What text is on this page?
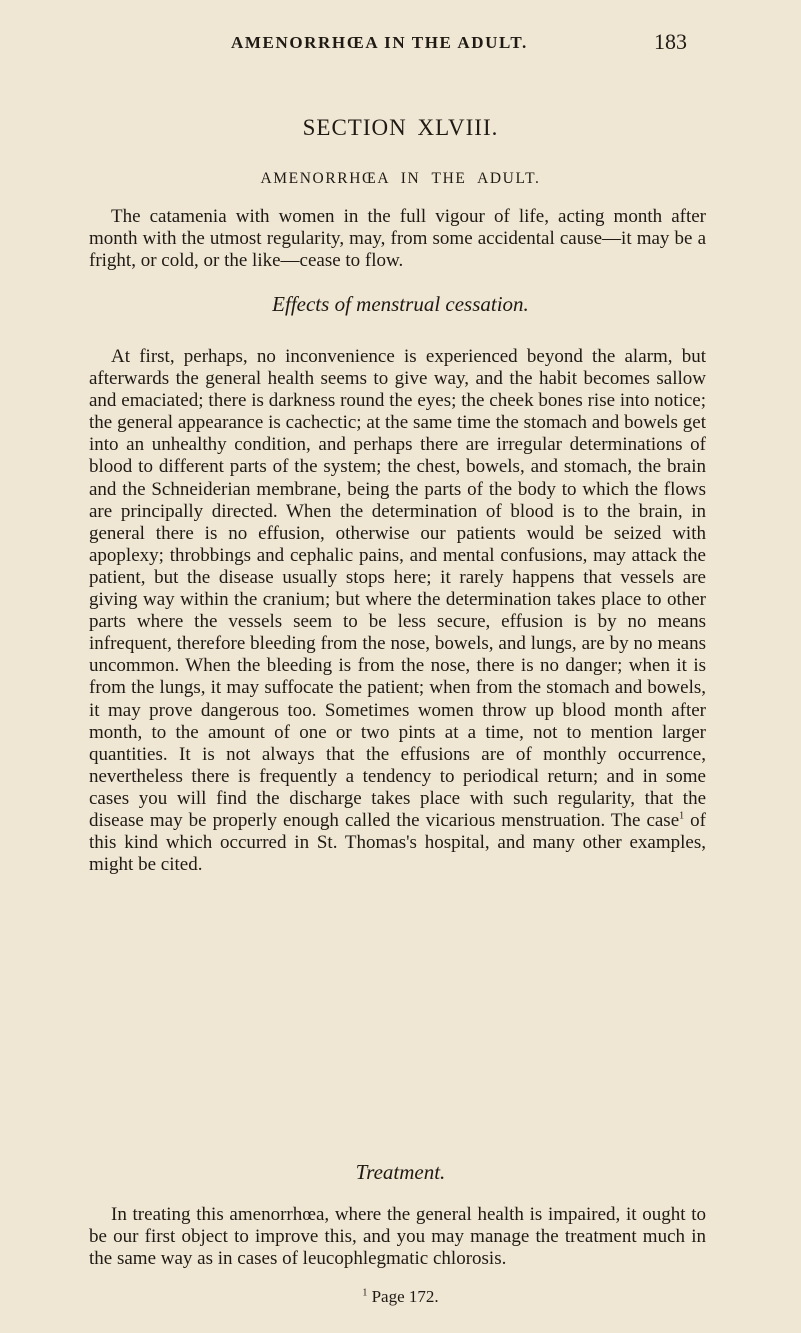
AMENORRHŒA IN THE ADULT.	183
SECTION XLVIII.
AMENORRHŒA IN THE ADULT.

The catamenia with women in the full vigour of life, acting month after month with the utmost regularity, may, from some accidental cause—it may be a fright, or cold, or the like—cease to flow.

Effects of menstrual cessation.

At first, perhaps, no inconvenience is experienced beyond the alarm, but afterwards the general health seems to give way, and the habit becomes sallow and emaciated; there is darkness round the eyes; the cheek bones rise into notice; the general appearance is cachectic; at the same time the stomach and bowels get into an unhealthy condition, and perhaps there are irregular determinations of blood to different parts of the system; the chest, bowels, and stomach, the brain and the Schneiderian membrane, being the parts of the body to which the flows are principally directed. When the determination of blood is to the brain, in general there is no effusion, otherwise our patients would be seized with apoplexy; throbbings and cephalic pains, and mental confusions, may attack the patient, but the disease usually stops here; it rarely happens that vessels are giving way within the cranium; but where the determination takes place to other parts where the vessels seem to be less secure, effusion is by no means infrequent, therefore bleeding from the nose, bowels, and lungs, are by no means uncommon. When the bleeding is from the nose, there is no danger; when it is from the lungs, it may suffocate the patient; when from the stomach and bowels, it may prove dangerous too. Sometimes women throw up blood month after month, to the amount of one or two pints at a time, not to mention larger quantities. It is not always that the effusions are of monthly occurrence, nevertheless there is frequently a tendency to periodical return; and in some cases you will find the discharge takes place with such regularity, that the disease may be properly enough called the vicarious menstruation. The case$^1$ of this kind which occurred in St. Thomas's hospital, and many other examples, might be cited.

Treatment.

In treating this amenorrhœa, where the general health is impaired, it ought to be our first object to improve this, and you may manage the treatment much in the same way as in cases of leucophlegmatic chlorosis.

$^1$ Page 172.
